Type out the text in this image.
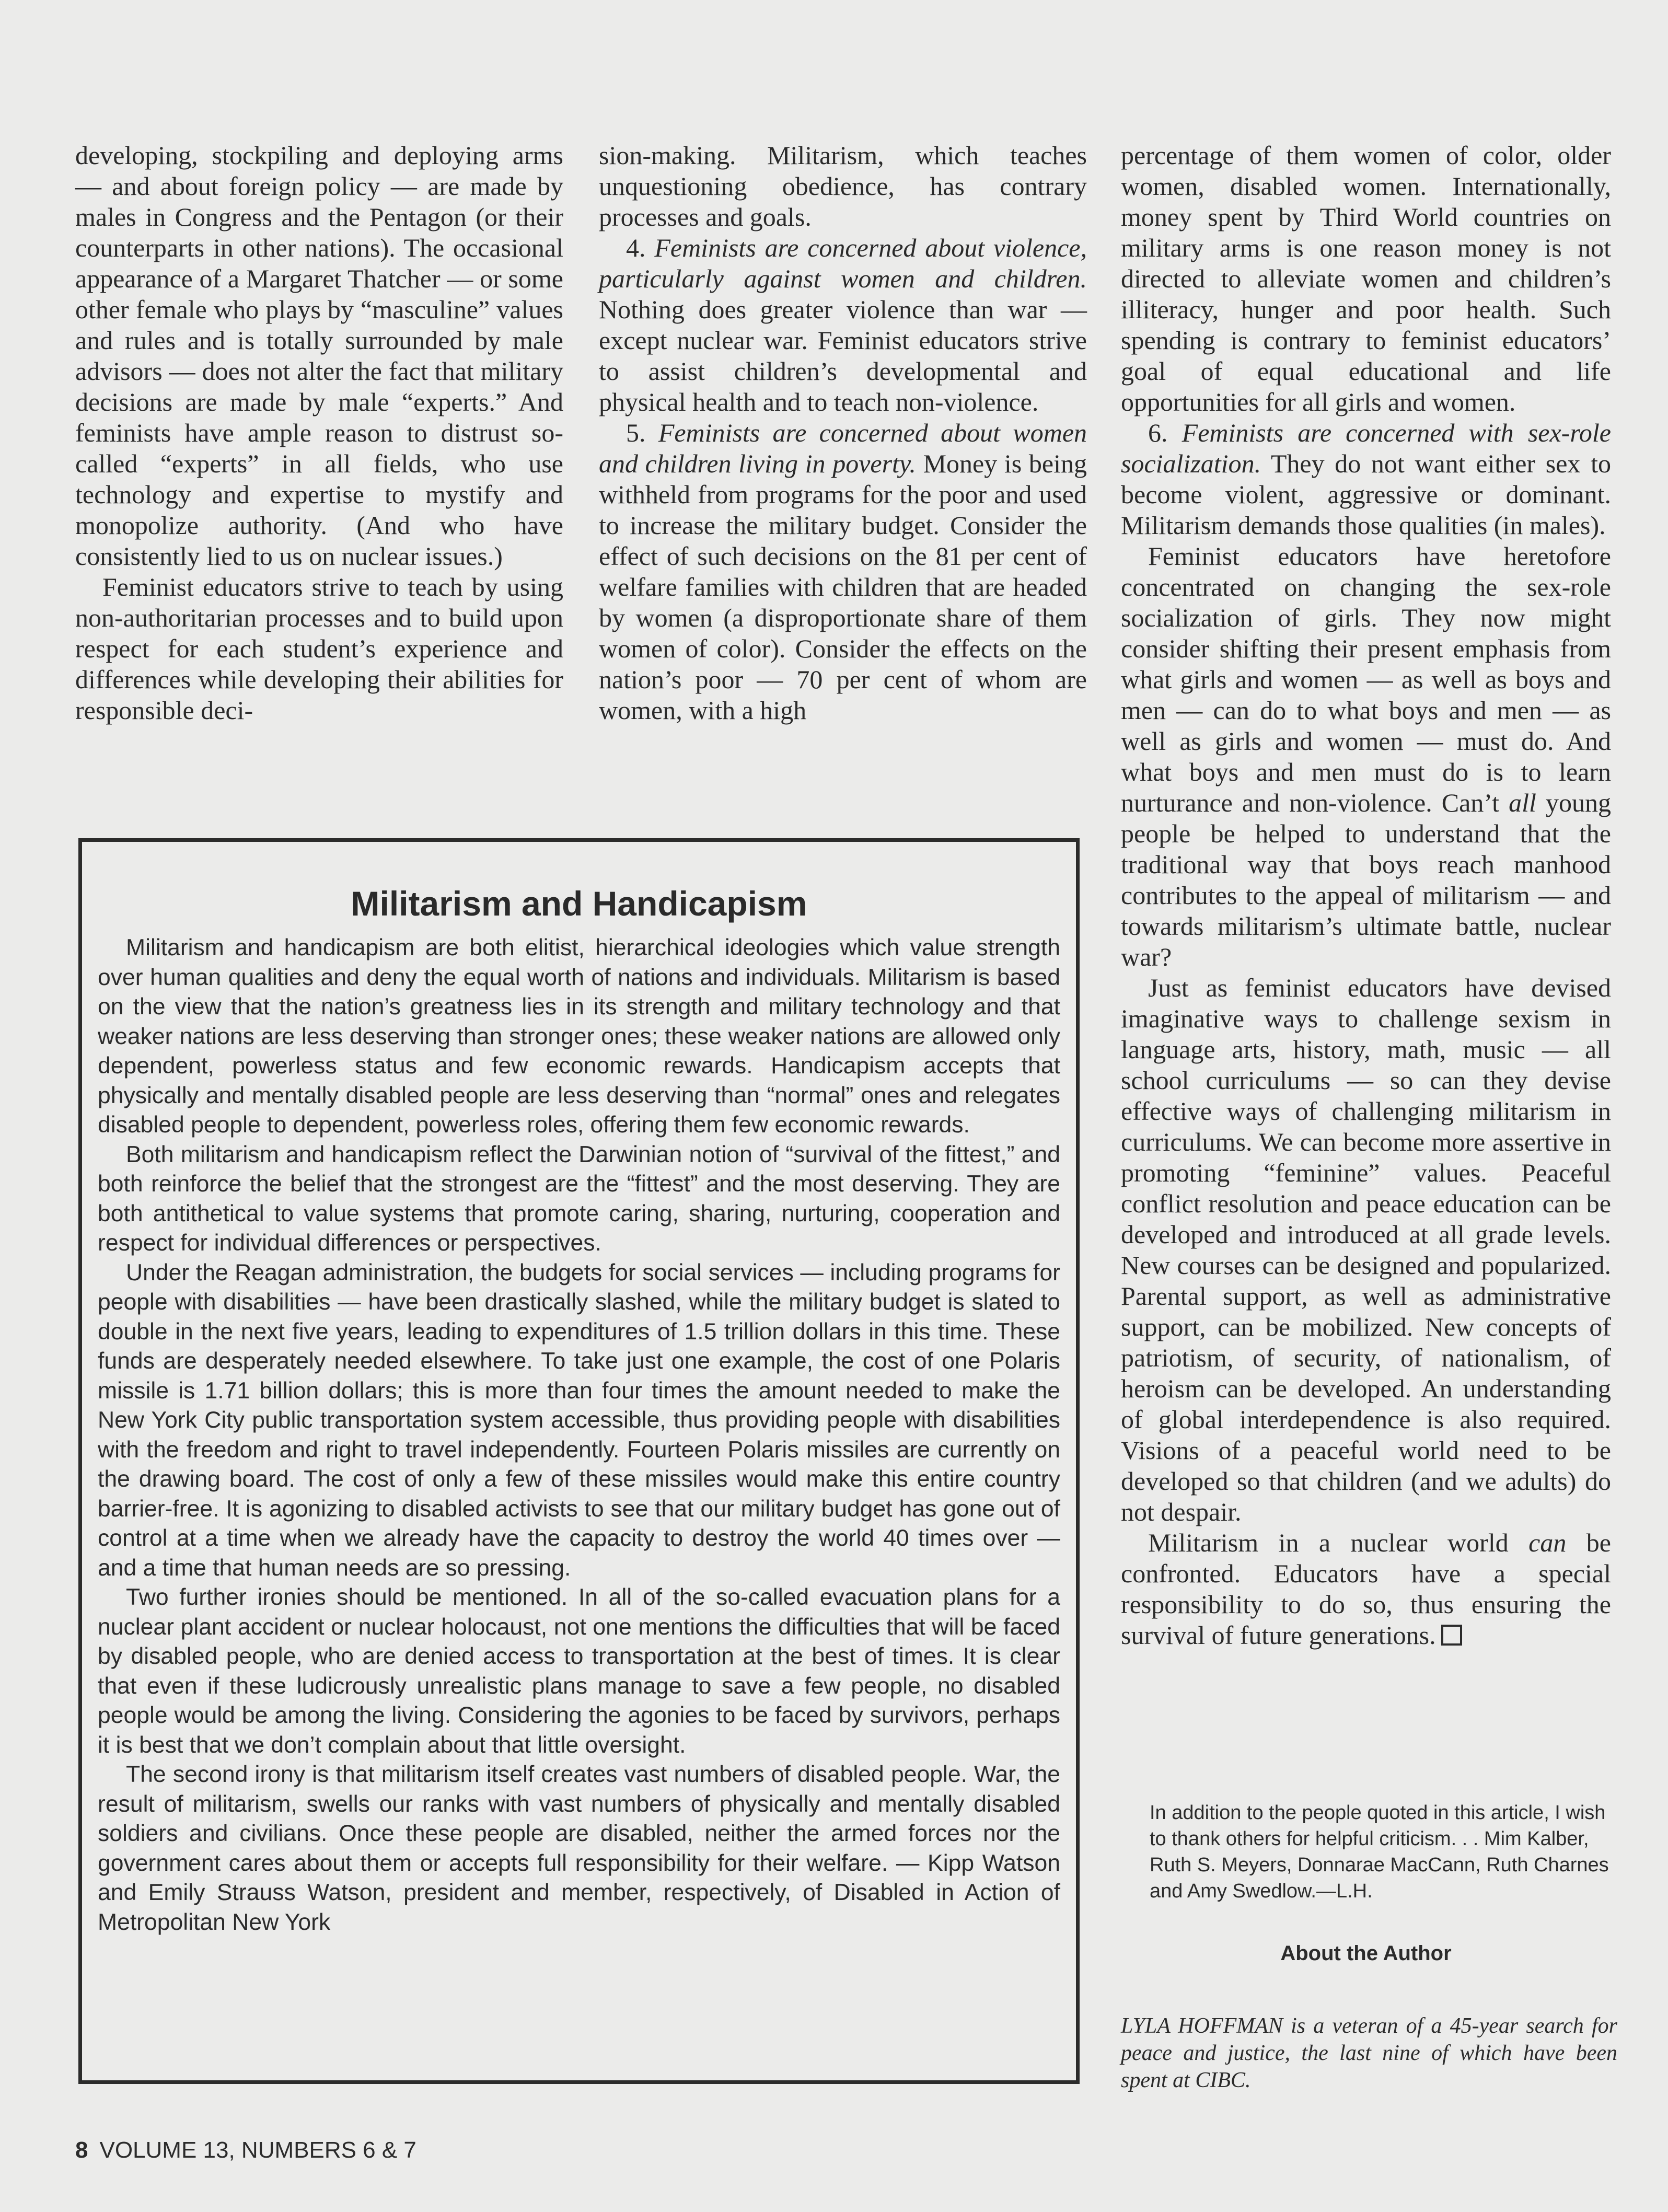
developing, stockpiling and deploying arms — and about foreign policy — are made by males in Congress and the Pentagon (or their counterparts in other nations). The occasional appearance of a Margaret Thatcher — or some other female who plays by “masculine” values and rules and is totally surrounded by male advisors — does not alter the fact that military decisions are made by male “experts.” And feminists have ample reason to distrust so-called “experts” in all fields, who use technology and expertise to mystify and monopolize authority. (And who have consistently lied to us on nuclear issues.)

Feminist educators strive to teach by using non-authoritarian processes and to build upon respect for each student’s experience and differences while developing their abilities for responsible deci-

sion-making. Militarism, which teaches unquestioning obedience, has contrary processes and goals.

4. Feminists are concerned about violence, particularly against women and children. Nothing does greater violence than war — except nuclear war. Feminist educators strive to assist children’s developmental and physical health and to teach non-violence.

5. Feminists are concerned about women and children living in poverty. Money is being withheld from programs for the poor and used to increase the military budget. Consider the effect of such decisions on the 81 per cent of welfare families with children that are headed by women (a disproportionate share of them women of color). Consider the effects on the nation’s poor — 70 per cent of whom are women, with a high

percentage of them women of color, older women, disabled women. Internationally, money spent by Third World countries on military arms is one reason money is not directed to alleviate women and children’s illiteracy, hunger and poor health. Such spending is contrary to feminist educators’ goal of equal educational and life opportunities for all girls and women.

6. Feminists are concerned with sex-role socialization. They do not want either sex to become violent, aggressive or dominant. Militarism demands those qualities (in males).

Feminist educators have heretofore concentrated on changing the sex-role socialization of girls. They now might consider shifting their present emphasis from what girls and women — as well as boys and men — can do to what boys and men — as well as girls and women — must do. And what boys and men must do is to learn nurturance and non-violence. Can’t all young people be helped to understand that the traditional way that boys reach manhood contributes to the appeal of militarism — and towards militarism’s ultimate battle, nuclear war?

Just as feminist educators have devised imaginative ways to challenge sexism in language arts, history, math, music — all school curriculums — so can they devise effective ways of challenging militarism in curriculums. We can become more assertive in promoting “feminine” values. Peaceful conflict resolution and peace education can be developed and introduced at all grade levels. New courses can be designed and popularized. Parental support, as well as administrative support, can be mobilized. New concepts of patriotism, of security, of nationalism, of heroism can be developed. An understanding of global interdependence is also required. Visions of a peaceful world need to be developed so that children (and we adults) do not despair.

Militarism in a nuclear world can be confronted. Educators have a special responsibility to do so, thus ensuring the survival of future generations.

Militarism and Handicapism

Militarism and handicapism are both elitist, hierarchical ideologies which value strength over human qualities and deny the equal worth of nations and individuals. Militarism is based on the view that the nation’s greatness lies in its strength and military technology and that weaker nations are less deserving than stronger ones; these weaker nations are allowed only dependent, powerless status and few economic rewards. Handicapism accepts that physically and mentally disabled people are less deserving than “normal” ones and relegates disabled people to dependent, powerless roles, offering them few economic rewards.

Both militarism and handicapism reflect the Darwinian notion of “survival of the fittest,” and both reinforce the belief that the strongest are the “fittest” and the most deserving. They are both antithetical to value systems that promote caring, sharing, nurturing, cooperation and respect for individual differences or perspectives.

Under the Reagan administration, the budgets for social services — including programs for people with disabilities — have been drastically slashed, while the military budget is slated to double in the next five years, leading to expenditures of 1.5 trillion dollars in this time. These funds are desperately needed elsewhere. To take just one example, the cost of one Polaris missile is 1.71 billion dollars; this is more than four times the amount needed to make the New York City public transportation system accessible, thus providing people with disabilities with the freedom and right to travel independently. Fourteen Polaris missiles are currently on the drawing board. The cost of only a few of these missiles would make this entire country barrier-free. It is agonizing to disabled activists to see that our military budget has gone out of control at a time when we already have the capacity to destroy the world 40 times over — and a time that human needs are so pressing.

Two further ironies should be mentioned. In all of the so-called evacuation plans for a nuclear plant accident or nuclear holocaust, not one mentions the difficulties that will be faced by disabled people, who are denied access to transportation at the best of times. It is clear that even if these ludicrously unrealistic plans manage to save a few people, no disabled people would be among the living. Considering the agonies to be faced by survivors, perhaps it is best that we don’t complain about that little oversight.

The second irony is that militarism itself creates vast numbers of disabled people. War, the result of militarism, swells our ranks with vast numbers of physically and mentally disabled soldiers and civilians. Once these people are disabled, neither the armed forces nor the government cares about them or accepts full responsibility for their welfare. — Kipp Watson and Emily Strauss Watson, president and member, respectively, of Disabled in Action of Metropolitan New York

In addition to the people quoted in this article, I wish to thank others for helpful criticism. . . Mim Kalber, Ruth S. Meyers, Donnarae MacCann, Ruth Charnes and Amy Swedlow.—L.H.

About the Author

LYLA HOFFMAN is a veteran of a 45-year search for peace and justice, the last nine of which have been spent at CIBC.

8 VOLUME 13, NUMBERS 6 & 7
